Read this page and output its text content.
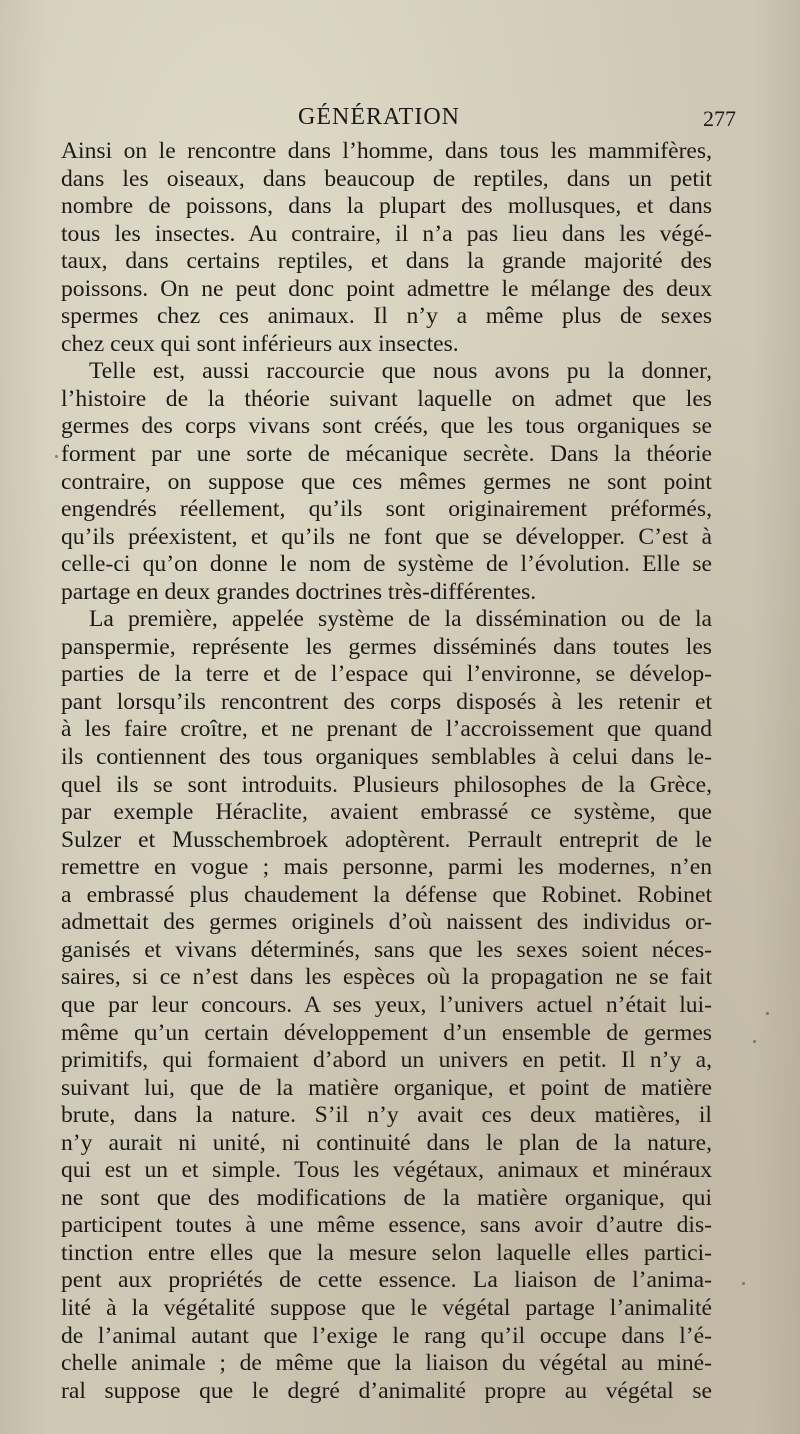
GÉNÉRATION	277
Ainsi on le rencontre dans l’homme, dans tous les mammifères,
dans les oiseaux, dans beaucoup de reptiles, dans un petit
nombre de poissons, dans la plupart des mollusques, et dans
tous les insectes. Au contraire, il n’a pas lieu dans les végé-
taux, dans certains reptiles, et dans la grande majorité des
poissons. On ne peut donc point admettre le mélange des deux
spermes chez ces animaux. Il n’y a même plus de sexes
chez ceux qui sont inférieurs aux insectes.
Telle est, aussi raccourcie que nous avons pu la donner,
l’histoire de la théorie suivant laquelle on admet que les
germes des corps vivans sont créés, que les tous organiques se
forment par une sorte de mécanique secrète. Dans la théorie
contraire, on suppose que ces mêmes germes ne sont point
engendrés réellement, qu’ils sont originairement préformés,
qu’ils préexistent, et qu’ils ne font que se développer. C’est à
celle-ci qu’on donne le nom de système de l’évolution. Elle se
partage en deux grandes doctrines très-différentes.
La première, appelée système de la dissémination ou de la
panspermie, représente les germes disséminés dans toutes les
parties de la terre et de l’espace qui l’environne, se dévelop-
pant lorsqu’ils rencontrent des corps disposés à les retenir et
à les faire croître, et ne prenant de l’accroissement que quand
ils contiennent des tous organiques semblables à celui dans le-
quel ils se sont introduits. Plusieurs philosophes de la Grèce,
par exemple Héraclite, avaient embrassé ce système, que
Sulzer et Musschembroek adoptèrent. Perrault entreprit de le
remettre en vogue ; mais personne, parmi les modernes, n’en
a embrassé plus chaudement la défense que Robinet. Robinet
admettait des germes originels d’où naissent des individus or-
ganisés et vivans déterminés, sans que les sexes soient néces-
saires, si ce n’est dans les espèces où la propagation ne se fait
que par leur concours. A ses yeux, l’univers actuel n’était lui-
même qu’un certain développement d’un ensemble de germes
primitifs, qui formaient d’abord un univers en petit. Il n’y a,
suivant lui, que de la matière organique, et point de matière
brute, dans la nature. S’il n’y avait ces deux matières, il
n’y aurait ni unité, ni continuité dans le plan de la nature,
qui est un et simple. Tous les végétaux, animaux et minéraux
ne sont que des modifications de la matière organique, qui
participent toutes à une même essence, sans avoir d’autre dis-
tinction entre elles que la mesure selon laquelle elles partici-
pent aux propriétés de cette essence. La liaison de l’anima-
lité à la végétalité suppose que le végétal partage l’animalité
de l’animal autant que l’exige le rang qu’il occupe dans l’é-
chelle animale ; de même que la liaison du végétal au miné-
ral suppose que le degré d’animalité propre au végétal se
